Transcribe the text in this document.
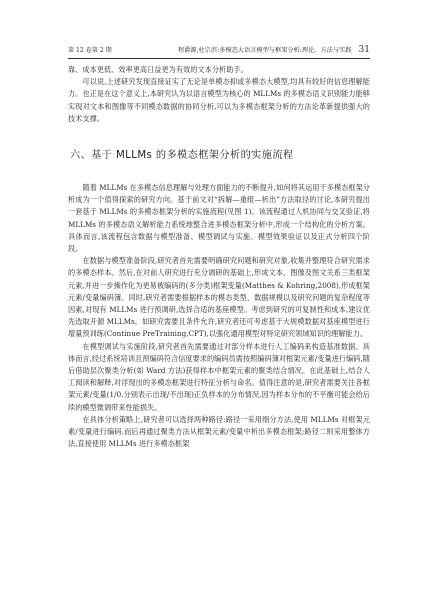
第 12 卷第 2 期	程爵源,杜宗滨:多模态大语言模型与框架分析:理论、方法与实践 31

靠、成本更低、效率更高日益更为有效的文本分析助手。

可以说,上述研究发现直接证实了无论是单模态抑或多模态大模型,均具有较好的信息理解能力。也正是在这个意义上,本研究认为以语言模型为核心的 MLLMs 的多模态语义识别能力能够实现对文本和图像等不同模态数据的协同分析,可以为多模态框架分析的方法论革新提供强大的技术支撑。

六、基于 MLLMs 的多模态框架分析的实施流程

随着 MLLMs 在多模态信息理解与处理方面能力的不断提升,如何将其运用于多模态框架分析成为一个值得探索的研究方向。基于前文对“拆解—重组—析出”方法取径的讨论,本研究提出一套基于 MLLMs 的多模态框架分析的实施流程(见图 1)。该流程通过人机协同与交叉验证,将 MLLMs 的多模态语义解析能力系统地整合进多模态框架分析中,形成一个结构化的分析方案。具体而言,该流程包含数据与模型准备、模型调试与实施、模型效果验证以及正式分析四个阶段。

在数据与模型准备阶段,研究者首先需要明确研究问题和研究对象,收集并整理符合研究需求的多模态样本。然后,在对前人研究进行充分调研的基础上,形成文本、图像及图文关系三类框架元素,并进一步操作化为更易被编码的(多分类)框架变量(Matthes & Kohring,2008),形成框架元素/变量编码簿。同时,研究者需要根据样本的模态类型、数据规模以及研究问题的复杂程度等因素,对现有 MLLMs 进行预调研,选择合适的基座模型。考虑到研究的可复制性和成本,建议优先选取开源 MLLMs。如研究需要且条件允许,研究者还可考虑基于大规模数据对基座模型进行增量预训练(Continue PreTraining,CPT),以强化通用模型对特定研究领域知识的理解能力。

在模型调试与实施阶段,研究者首先需要通过对部分样本进行人工编码来构造基准数据。具体而言,经过系统培训且预编码符合信度要求的编码员需按照编码簿对框架元素/变量进行编码,随后借助层次聚类分析(如 Ward 方法)获得样本中框架元素的聚类结合情况。在此基础上,结合人工阅读和解释,对浮现出的多模态框架进行特征分析与命名。值得注意的是,研究者需要关注各框架元素/变量(1/0,分别表示出现/不出现)正负样本的分布情况,因为样本分布的不平衡可能会给后续的模型微调带来性能损失。

在具体分析策略上,研究者可以选择两种路径:路径一采用细分方法,使用 MLLMs 对框架元素/变量进行编码,而后再通过聚类方法从框架元素/变量中析出多模态框架;路径二则采用整体方法,直接使用 MLLMs 进行多模态框架
